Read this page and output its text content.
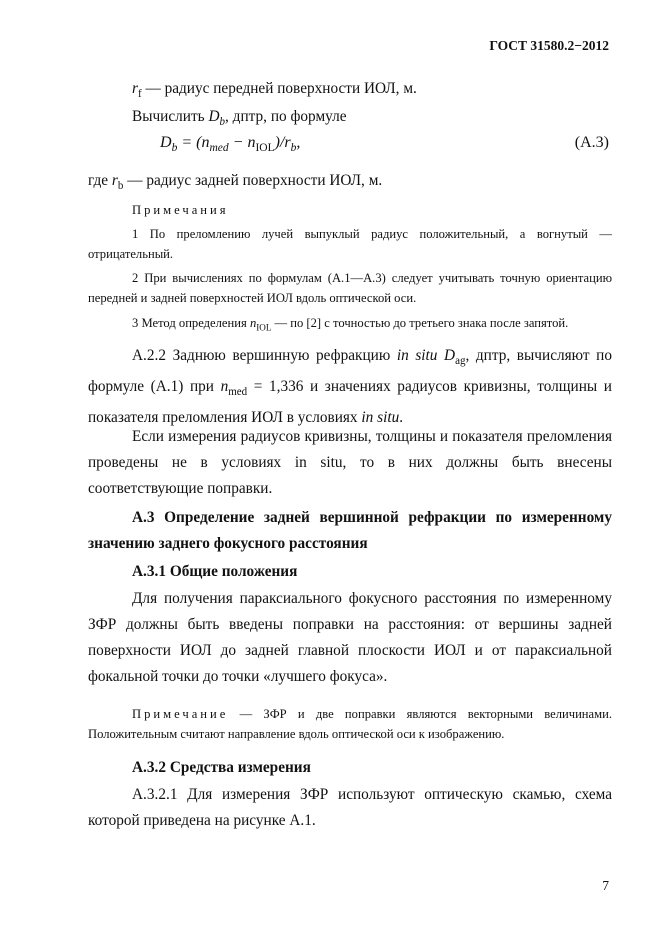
ГОСТ 31580.2−2012
$r_f$ — радиус передней поверхности ИОЛ, м.
Вычислить $D_b$, дптр, по формуле
$D_b = (n_{med} - n_{IOL})/r_b$,	(А.3)
где $r_b$ — радиус задней поверхности ИОЛ, м.
Примечания
1 По преломлению лучей выпуклый радиус положительный, а вогнутый — отрицательный.
2 При вычислениях по формулам (А.1—А.3) следует учитывать точную ориентацию передней и задней поверхностей ИОЛ вдоль оптической оси.
3 Метод определения $n_{IOL}$ — по [2] с точностью до третьего знака после запятой.
А.2.2 Заднюю вершинную рефракцию in situ $D_{ag}$, дптр, вычисляют по формуле (А.1) при $n_{med} = 1,336$ и значениях радиусов кривизны, толщины и показателя преломления ИОЛ в условиях in situ.
Если измерения радиусов кривизны, толщины и показателя преломления проведены не в условиях in situ, то в них должны быть внесены соответствующие поправки.
А.3 Определение задней вершинной рефракции по измеренному значению заднего фокусного расстояния
А.3.1 Общие положения
Для получения параксиального фокусного расстояния по измеренному ЗФР должны быть введены поправки на расстояния: от вершины задней поверхности ИОЛ до задней главной плоскости ИОЛ и от параксиальной фокальной точки до точки «лучшего фокуса».
Примечание — ЗФР и две поправки являются векторными величинами. Положительным считают направление вдоль оптической оси к изображению.
А.3.2 Средства измерения
А.3.2.1 Для измерения ЗФР используют оптическую скамью, схема которой приведена на рисунке А.1.
7
